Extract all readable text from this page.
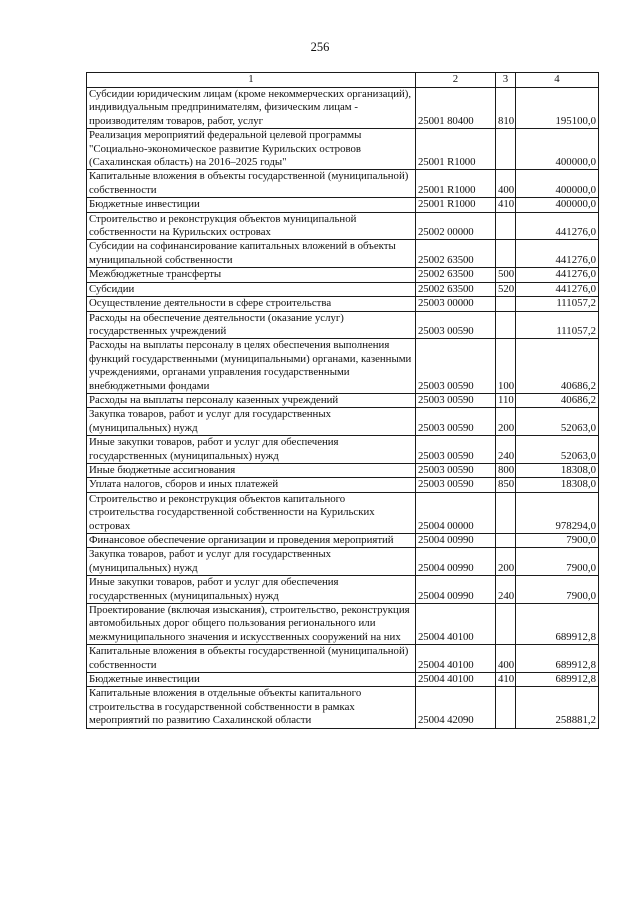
256
1	2	3	4
Субсидии юридическим лицам (кроме некоммерческих организаций), индивидуальным предпринимателям, физическим лицам - производителям товаров, работ, услуг	25001 80400	810	195100,0
Реализация мероприятий федеральной целевой программы "Социально-экономическое развитие Курильских островов (Сахалинская область) на 2016–2025 годы"	25001 R1000		400000,0
Капитальные вложения в объекты государственной (муниципальной) собственности	25001 R1000	400	400000,0
Бюджетные инвестиции	25001 R1000	410	400000,0
Строительство и реконструкция объектов муниципальной собственности на Курильских островах	25002 00000		441276,0
Субсидии на софинансирование капитальных вложений в объекты муниципальной собственности	25002 63500		441276,0
Межбюджетные трансферты	25002 63500	500	441276,0
Субсидии	25002 63500	520	441276,0
Осуществление деятельности в сфере строительства	25003 00000		111057,2
Расходы на обеспечение деятельности (оказание услуг) государственных учреждений	25003 00590		111057,2
Расходы на выплаты персоналу в целях обеспечения выполнения функций государственными (муниципальными) органами, казенными учреждениями, органами управления государственными внебюджетными фондами	25003 00590	100	40686,2
Расходы на выплаты персоналу казенных учреждений	25003 00590	110	40686,2
Закупка товаров, работ и услуг для государственных (муниципальных) нужд	25003 00590	200	52063,0
Иные закупки товаров, работ и услуг для обеспечения государственных (муниципальных) нужд	25003 00590	240	52063,0
Иные бюджетные ассигнования	25003 00590	800	18308,0
Уплата налогов, сборов и иных платежей	25003 00590	850	18308,0
Строительство и реконструкция объектов капитального строительства государственной собственности на Курильских островах	25004 00000		978294,0
Финансовое обеспечение организации и проведения мероприятий	25004 00990		7900,0
Закупка товаров, работ и услуг для государственных (муниципальных) нужд	25004 00990	200	7900,0
Иные закупки товаров, работ и услуг для обеспечения государственных (муниципальных) нужд	25004 00990	240	7900,0
Проектирование (включая изыскания), строительство, реконструкция автомобильных дорог общего пользования регионального или межмуниципального значения и искусственных сооружений на них	25004 40100		689912,8
Капитальные вложения в объекты государственной (муниципальной) собственности	25004 40100	400	689912,8
Бюджетные инвестиции	25004 40100	410	689912,8
Капитальные вложения в отдельные объекты капитального строительства в государственной собственности в рамках мероприятий по развитию Сахалинской области	25004 42090		258881,2
